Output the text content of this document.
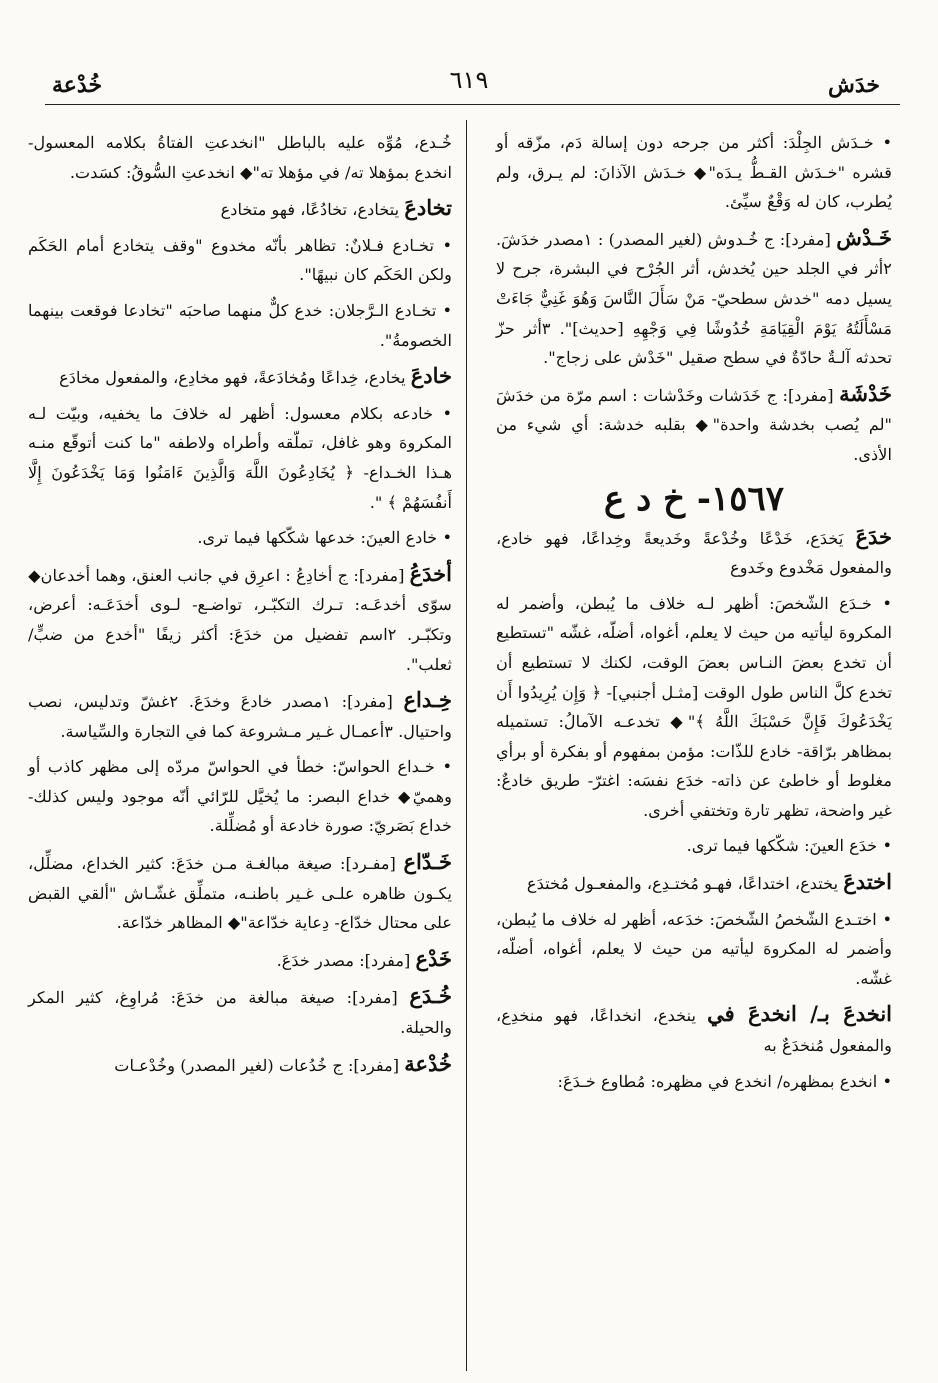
خدَش
٦١٩
خُدْعة

• خـدَش الجِلْدَ: أكثر من جرحه دون إسالة دَم، مزّقه أو قشره "خـدَش القـطُّ يـدَه"◆ خـدَش الآذانَ: لم يـرق، ولم يُطرب، كان له وَقْعٌ سيِّئ.

خَـدْش [مفرد]: ج خُـدوش (لغير المصدر) : ١مصدر خدَشَ. ٢أثر في الجلد حين يُخدش، أثر الجُرْح في البشرة، جرح لا يسيل دمه "خدش سطحيّ- مَنْ سَأَلَ النَّاسَ وَهُوَ غَنِيٌّ جَاءَتْ مَسْأَلَتُهُ يَوْمَ الْقِيَامَةِ خُدُوشًا فِي وَجْهِهِ [حديث]". ٣أثر حزّ تحدثه آلـةٌ حادّةٌ في سطح صقيل "خَدْش على زجاج".

خَدْشَة [مفرد]: ج خَدَشات وخَدْشات : اسم مرّة من خدَشَ "لم يُصب بخدشة واحدة"◆ بقلبه خدشة: أي شيء من الأذى.

١٥٦٧- خ د ع

خدَعَ يَخدَع، خَدْعًا وخُدْعةً وخَديعةً وخِداعًا، فهو خادع، والمفعول مَخْدوع وخَدوع

• خـدَع الشّخصَ: أظهر لـه خلاف ما يُبطن، وأضمر له المكروهَ ليأتيه من حيث لا يعلم، أغواه، أضلّه، غشّه "تستطيع أن تخدع بعضَ النـاس بعضَ الوقت، لكنك لا تستطيع أن تخدع كلَّ الناس طول الوقت [مثـل أجنبي]- ﴿ وَإِن يُرِيدُوا أَن يَخْدَعُوكَ فَإِنَّ حَسْبَكَ اللَّهُ ﴾"◆ تخدعـه الآمالُ: تستميله بمظاهر برّاقة- خادع للذّات: مؤمن بمفهوم أو بفكرة أو برأي مغلوط أو خاطئ عن ذاته- خدَع نفسَه: اغترّ- طريق خادعٌ: غير واضحة، تظهر تارة وتختفي أخرى.

• خدَع العينَ: شكّكها فيما ترى.

اختدعَ يختدع، اختداعًا، فهـو مُختـدِع، والمفعـول مُختدَع

• اختـدع الشّخصُ الشّخصَ: خدَعه، أظهر له خلاف ما يُبطن، وأضمر له المكروهَ ليأتيه من حيث لا يعلم، أغواه، أضلّه، غشّه.

انخدعَ بـ/ انخدعَ في ينخدع، انخداعًا، فهو منخدِع، والمفعول مُنخدَعٌ به

• انخدع بمظهره/ انخدع في مظهره: مُطاوع خـدَعَ:

خُـدع، مُوِّه عليه بالباطل "انخدعتِ الفتاةُ بكلامه المعسول- انخدع بمؤهلا ته/ في مؤهلا ته"◆ انخدعتِ السُّوقُ: كسَدت.

تخادعَ يتخادع، تخادُعًا، فهو متخادع

• تخـادع فـلانٌ: تظاهر بأنّه مخدوع "وقف يتخادع أمام الحَكَم ولكن الحَكَم كان نبيهًا".

• تخـادع الـرَّجلان: خدع كلٌّ منهما صاحبَه "تخادعا فوقعت بينهما الخصومةُ".

خادعَ يخادع، خِداعًا ومُخادَعةً، فهو مخادِع، والمفعول مخادَع

• خادعه بكلام معسول: أظهر له خلافَ ما يخفيه، وبيّت لـه المكروهَ وهو غافل، تملّقه وأطراه ولاطفه "ما كنت أتوقّع منـه هـذا الخـداع- ﴿ يُخَادِعُونَ اللَّهَ وَالَّذِينَ ءَامَنُوا وَمَا يَخْدَعُونَ إِلَّا أَنفُسَهُمْ ﴾ ".

• خادع العينَ: خدعها شكّكها فيما ترى.

أخدَعُ [مفرد]: ج أخادِعُ : اعرِق في جانب العنق، وهما أخدعان◆ سوّى أخدعَـه: تـرك التكبّـر، تواضـع- لـوى أخدَعَـه: أعرض، وتكبّـر. ٢اسم تفضيل من خدَعَ: أكثر زيفًا "أخدع من ضبٍّ/ ثعلب".

خِـداع [مفرد]: ١مصدر خادعَ وخدَعَ. ٢غشّ وتدليس، نصب واحتيال. ٣أعمـال غـير مـشروعة كما في التجارة والسِّياسة.

• خـداع الحواسّ: خطأ في الحواسّ مردّه إلى مظهر كاذب أو وهميّ◆ خداع البصر: ما يُخيَّل للرّائي أنّه موجود وليس كذلك- خداع بَصَريّ: صورة خادعة أو مُضلِّلة.

خَـدّاع [مفـرد]: صيغة مبالغـة مـن خدَعَ: كثير الخداع، مضلِّل، يكـون ظاهره علـى غـير باطنـه، متملِّق غشّـاش "ألقي القبض على محتال خدّاع- دِعاية خدّاعة"◆ المظاهر خدّاعة.

خَدْع [مفرد]: مصدر خدَعَ.

خُـدَع [مفرد]: صيغة مبالغة من خدَعَ: مُراوِغ، كثير المكر والحيلة.

خُدْعة [مفرد]: ج خُدُعات (لغير المصدر) وخُدْعـات
